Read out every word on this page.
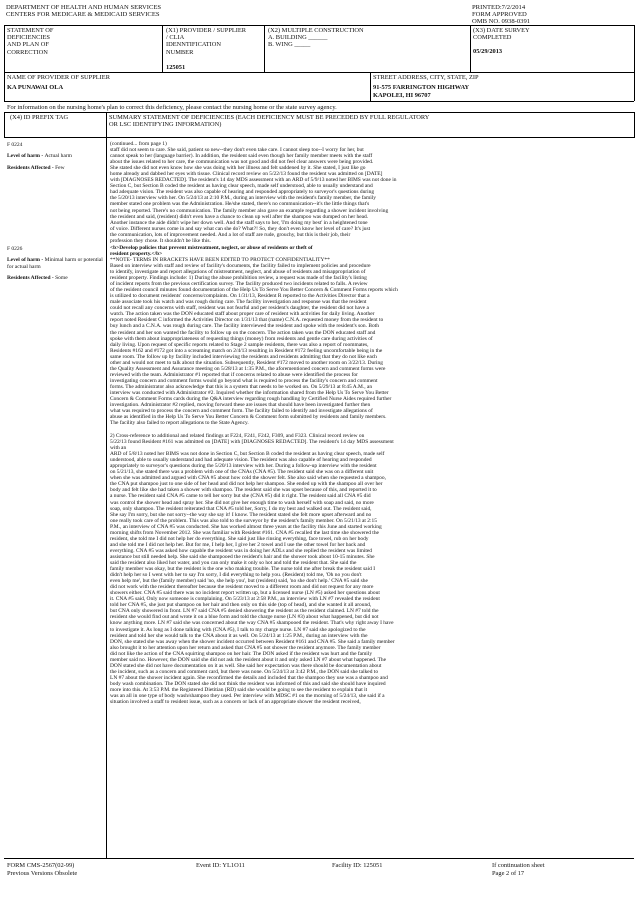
DEPARTMENT OF HEALTH AND HUMAN SERVICES
CENTERS FOR MEDICARE & MEDICAID SERVICES
PRINTED:7/2/2014
FORM APPROVED
OMB NO. 0938-0391
STATEMENT OF
DEFICIENCIES
AND PLAN OF
CORRECTION
(X1) PROVIDER / SUPPLIER
/ CLIA
IDENNTIFICATION
NUMBER
125051
(X2) MULTIPLE CONSTRUCTION
A. BUILDING ______
B. WING _____
(X3) DATE SURVEY
COMPLETED
05/29/2013
NAME OF PROVIDER OF SUPPLIER
KA PUNAWAI OLA
STREET ADDRESS, CITY, STATE, ZIP
91-575 FARRINGTON HIGHWAY
KAPOLEI, HI 96707
For information on the nursing home's plan to correct this deficiency, please contact the nursing home or the state survey agency.
(X4) ID PREFIX TAG	SUMMARY STATEMENT OF DEFICIENCIES (EACH DEFICIENCY MUST BE PRECEDED BY FULL REGULATORY
OR LSC IDENTIFYING INFORMATION)
F 0224
Level of harm - Actual harm
Residents Affected - Few
F 0226
Level of harm - Minimal harm or potential for actual harm
Residents Affected - Some
(continued... from page 1)
staff did not seem to care. She said, patient so new--they don't even take care. I cannot sleep too--I worry for her, but
cannot speak to her (language barrier). In addition, the resident said even though her family member meets with the staff
about the issues related to her care, the communication was not good and did not feel clear answers were being provided.
She stated she did not even know how she was doing with her illness and felt saddened by it. She stated, I just like go
home already and dabbed her eyes with tissue. Clinical record review on 5/22/13 found the resident was admitted on [DATE]
with [DIAGNOSES REDACTED]. The resident's 14 day MDS assessment with an ARD of 5/9/13 noted her BIMS was not done in
Section C, but Section B coded the resident as having clear speech, made self understood, able to usually understand and
had adequate vision. The resident was also capable of hearing and responded appropriately to surveyor's questions during
the 5/20/13 interview with her. On 5/24/13 at 2:10 P.M., during an interview with the resident's family member, the family
member stated one problem was the Administration. He/she stated, there's no communication--it's the little things that's
not being reported. There's no communication. The family member also gave an example regarding a shower incident involving
the resident and said, (resident) didn't even have a chance to clean up well after the shampoo was dumped on her head.
Another instance the aide didn't wipe her down well. And the staff says to her, 'I'm doing my best' in a heightened tone
of voice. Different nurses come in and say what can she do? What?! So, they don't even know her level of care? It's just
the communication, lots of improvement needed. And a lot of staff are rude, grouchy, but this is their job, their
profession they chose. It shouldn't be like this.
<b>Develop policies that prevent mistreatment, neglect, or abuse of residents or theft of
resident property.</b>
**NOTE- TERMS IN BRACKETS HAVE BEEN EDITED TO PROTECT CONFIDENTIALITY**
Based on interview with staff and review of facility's documents, the facility failed to implement policies and procedure
to identify, investigate and report allegations of mistreatment, neglect, and abuse of residents and misappropriation of
resident property. Findings include: 1) During the abuse prohibition review, a request was made of the facility's listing
of incident reports from the previous certification survey. The facility produced two incidents related to falls. A review
of the resident council minutes found documentation of the Help Us To Serve You Better Concern & Comment Forms reports which
is utilized to document residents' concerns/complaints. On 1/31/13, Resident R reported to the Activities Director that a
male associate took his watch and was rough during care. The facility investigation and response was that the resident
could not recall any concerns with staff, resident was not fearful and per resident's daughter, the resident did not have a
watch. The action taken was the DON educated staff about proper care of resident with activities for daily living. Another
report noted Resident C informed the Activities Director on 1/31/13 that (name) C.N.A. requested money from the resident to
buy lunch and a C.N.A. was rough during care. The facility interviewed the resident and spoke with the resident's son. Both
the resident and her son wanted the facility to follow up on the concern. The action taken was the DON educated staff and
spoke with them about inappropriateness of requesting things (money) from residents and gentle care during activities of
daily living. Upon request of specific reports related to Stage 2 sample residents, there was also a report of roommates,
Residents #162 and #172 got into a screaming match on 2/4/13 resulting in Resident #172 feeling uncomfortable being in the
same room. The follow up by facility included interviewing the residents and residents admitting that they do not like each
other and would not meet to talk about the situation. Subsequently, Resident #172 moved to another room on 3/22/13. During
the Quality Assessment and Assurance meeting on 5/28/13 at 1:35 P.M., the aforementioned concern and comment forms were
reviewed with the team. Administrator #1 reported that if concerns related to abuse were identified the process for
investigating concern and comment forms would go beyond what is required to process the facility's concern and comment
forms. The administrator also acknowledge that this is a system that needs to be worked on. On 5/29/13 at 8:45 A.M., an
interview was conducted with Administrator #2. Inquired whether the information shared from the Help Us To Serve You Better
Concern & Comment Forms cards during the Q&A interview regarding rough handling by Certified Nurse Aides required further
investigation. Administrator #2 replied, moving forward these are issues that should have been investigated further then
what was required to process the concern and comment form. The facility failed to identify and investigate allegations of
abuse as identified in the Help Us To Serve You Better Concern & Comment form submitted by residents and family members.
The facility also failed to report allegations to the State Agency.
2) Cross-reference to additional and related findings at F224, F241, F242, F309, and F323. Clinical record review on
5/22/13 found Resident #161 was admitted on [DATE] with [DIAGNOSES REDACTED]. The resident's 14 day MDS assessment
with an
ARD of 5/8/13 noted her BIMS was not done in Section C, but Section B coded the resident as having clear speech, made self
understood, able to usually understand and had adequate vision. The resident was also capable of hearing and responded
appropriately to surveyor's questions during the 5/20/13 interview with her. During a follow-up interview with the resident
on 5/21/13, she stated there was a problem with one of the CNAs (CNA #5). The resident said she was on a different unit
when she was admitted and argued with CNA #5 about how cold the shower felt. She also said when she requested a shampoo,
the CNA put shampoo just to one side of her head and did not help her shampoo. She ended up with the shampoo all over her
body and felt like she had taken a shower with shampoo. The resident said she was upset because of this, and reported it to
a nurse. The resident said CNA #5 came to tell her sorry but she (CNA #5) did it right. The resident said all CNA #5 did
was control the shower head and spray her. She did not give her enough time to wash herself with soap and said, no more
soap, only shampoo. The resident reiterated that CNA #5 told her, Sorry, I do my best and walked out. The resident said,
She say I'm sorry, but she not sorry--the way she say it! I know. The resident stated she felt more upset afterward and no
one really took care of the problem. This was also told to the surveyor by the resident's family member. On 5/21/13 at 2:15
P.M., an interview of CNA #5 was conducted. She has worked almost three years at the facility this June and started working
morning shifts from November 2012. She was familiar with Resident #161. CNA #5 recalled the last time she showered the
resident, she told me I did not help her do everything. She said just like rinsing everything, face towel, rub on her body
and she told me I did not help her. But for me, I help her, I give her 2 towel and I use the other towel for her back and
everything. CNA #5 was asked how capable the resident was in doing her ADLs and she replied the resident was limited
assistance but still needed help. She said she shampooed the resident's hair and the shower took about 10-15 minutes. She
said the resident also liked hot water, and you can only make it only so hot and told the resident that. She said the
family member was okay, but the resident is the one who making trouble. The nurse told me after break the resident said I
didn't help her so I went with her to say I'm sorry, I did everything to help you. (Resident) told me, 'Oh no you don't
even help me', but the (family member) said 'no, she help you', but (resident) said, 'no she don't help.' CNA #5 said she
did not work with the resident thereafter because the resident moved to a different room and did not request for any more
showers either. CNA #5 said there was no incident report written up, but a licensed nurse (LN #5) asked her questions about
it. CNA #5 said, Only now someone is complaining. On 5/23/13 at 2:58 P.M., an interview with LN #7 revealed the resident
told her CNA #5, she just put shampoo on her hair and then only on this side (top of head), and she wanted it all around,
but CNA only showered in front. LN #7 said CNA #5 denied showering the resident as the resident claimed. LN #7 told the
resident she would find out and wrote it on a blue form and told the charge nurse (LN #3) about what happened, but did not
know anything more. LN #7 said she was concerned about the way CNA #5 shampooed the resident. That's why right away I have
to investigate it. As long as I done talking with (CNA #5), I talk to my charge nurse. LN #7 said she apologized to the
resident and told her she would talk to the CNA about it as well. On 5/24/13 at 1:25 P.M., during an interview with the
DON, she stated she was away when the shower incident occurred between Resident #161 and CNA #5. She said a family member
also brought it to her attention upon her return and asked that CNA #5 not shower the resident anymore. The family member
did not like the action of the CNA squirting shampoo on her hair. The DON asked if the resident was hurt and the family
member said no. However, the DON said she did not ask the resident about it and only asked LN #7 about what happened. The
DON stated she did not have documentation on it as well. She said her expectation was there should be documentation about
the incident, such as a concern and comment card, but there was none. On 5/24/13 at 3:42 P.M., the DON said she talked to
LN #7 about the shower incident again. She reconfirmed the details and included that the shampoo they use was a shampoo and
body wash combination. The DON stated she did not think the resident was informed of this and said she should have inquired
more into this. At 3:53 P.M. the Registered Dietitian (RD) said she would be going to see the resident to explain that it
was an all in one type of body wash/shampoo they used. Per interview with MDSC #1 on the morning of 5/24/13, she said if a
situation involved a staff to resident issue, such as a concern or lack of an appropriate shower the resident received,
FORM CMS-2567(02-99)
Previous Versions Obsolete
Event ID: YL1O11	Facility ID: 125051	If continuation sheet
Page 2 of 17
